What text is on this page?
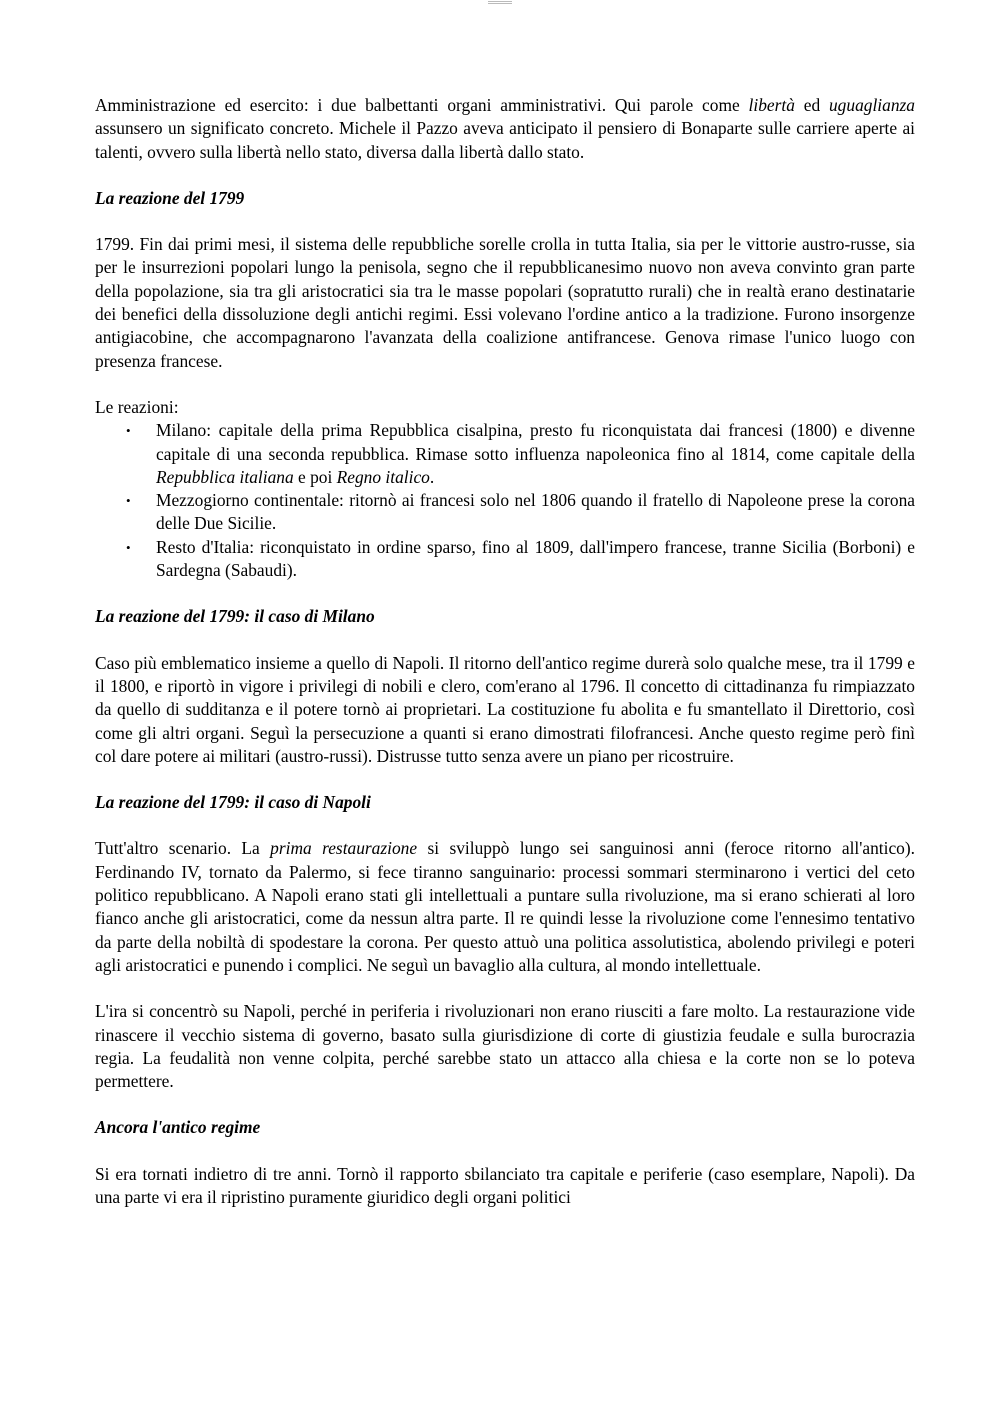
Amministrazione ed esercito: i due balbettanti organi amministrativi. Qui parole come libertà ed uguaglianza assunsero un significato concreto. Michele il Pazzo aveva anticipato il pensiero di Bonaparte sulle carriere aperte ai talenti, ovvero sulla libertà nello stato, diversa dalla libertà dallo stato.

La reazione del 1799

1799. Fin dai primi mesi, il sistema delle repubbliche sorelle crolla in tutta Italia, sia per le vittorie austro-russe, sia per le insurrezioni popolari lungo la penisola, segno che il repubblicanesimo nuovo non aveva convinto gran parte della popolazione, sia tra gli aristocratici sia tra le masse popolari (sopratutto rurali) che in realtà erano destinatarie dei benefici della dissoluzione degli antichi regimi. Essi volevano l'ordine antico a la tradizione. Furono insorgenze antigiacobine, che accompagnarono l'avanzata della coalizione antifrancese. Genova rimase l'unico luogo con presenza francese.

Le reazioni:

• Milano: capitale della prima Repubblica cisalpina, presto fu riconquistata dai francesi (1800) e divenne capitale di una seconda repubblica. Rimase sotto influenza napoleonica fino al 1814, come capitale della Repubblica italiana e poi Regno italico.
• Mezzogiorno continentale: ritornò ai francesi solo nel 1806 quando il fratello di Napoleone prese la corona delle Due Sicilie.
• Resto d'Italia: riconquistato in ordine sparso, fino al 1809, dall'impero francese, tranne Sicilia (Borboni) e Sardegna (Sabaudi).

La reazione del 1799: il caso di Milano

Caso più emblematico insieme a quello di Napoli. Il ritorno dell'antico regime durerà solo qualche mese, tra il 1799 e il 1800, e riportò in vigore i privilegi di nobili e clero, com'erano al 1796. Il concetto di cittadinanza fu rimpiazzato da quello di sudditanza e il potere tornò ai proprietari. La costituzione fu abolita e fu smantellato il Direttorio, così come gli altri organi. Seguì la persecuzione a quanti si erano dimostrati filofrancesi. Anche questo regime però finì col dare potere ai militari (austro-russi). Distrusse tutto senza avere un piano per ricostruire.

La reazione del 1799: il caso di Napoli

Tutt'altro scenario. La prima restaurazione si sviluppò lungo sei sanguinosi anni (feroce ritorno all'antico). Ferdinando IV, tornato da Palermo, si fece tiranno sanguinario: processi sommari sterminarono i vertici del ceto politico repubblicano. A Napoli erano stati gli intellettuali a puntare sulla rivoluzione, ma si erano schierati al loro fianco anche gli aristocratici, come da nessun altra parte. Il re quindi lesse la rivoluzione come l'ennesimo tentativo da parte della nobiltà di spodestare la corona. Per questo attuò una politica assolutistica, abolendo privilegi e poteri agli aristocratici e punendo i complici. Ne seguì un bavaglio alla cultura, al mondo intellettuale.

L'ira si concentrò su Napoli, perché in periferia i rivoluzionari non erano riusciti a fare molto. La restaurazione vide rinascere il vecchio sistema di governo, basato sulla giurisdizione di corte di giustizia feudale e sulla burocrazia regia. La feudalità non venne colpita, perché sarebbe stato un attacco alla chiesa e la corte non se lo poteva permettere.

Ancora l'antico regime

Si era tornati indietro di tre anni. Tornò il rapporto sbilanciato tra capitale e periferie (caso esemplare, Napoli). Da una parte vi era il ripristino puramente giuridico degli organi politici
